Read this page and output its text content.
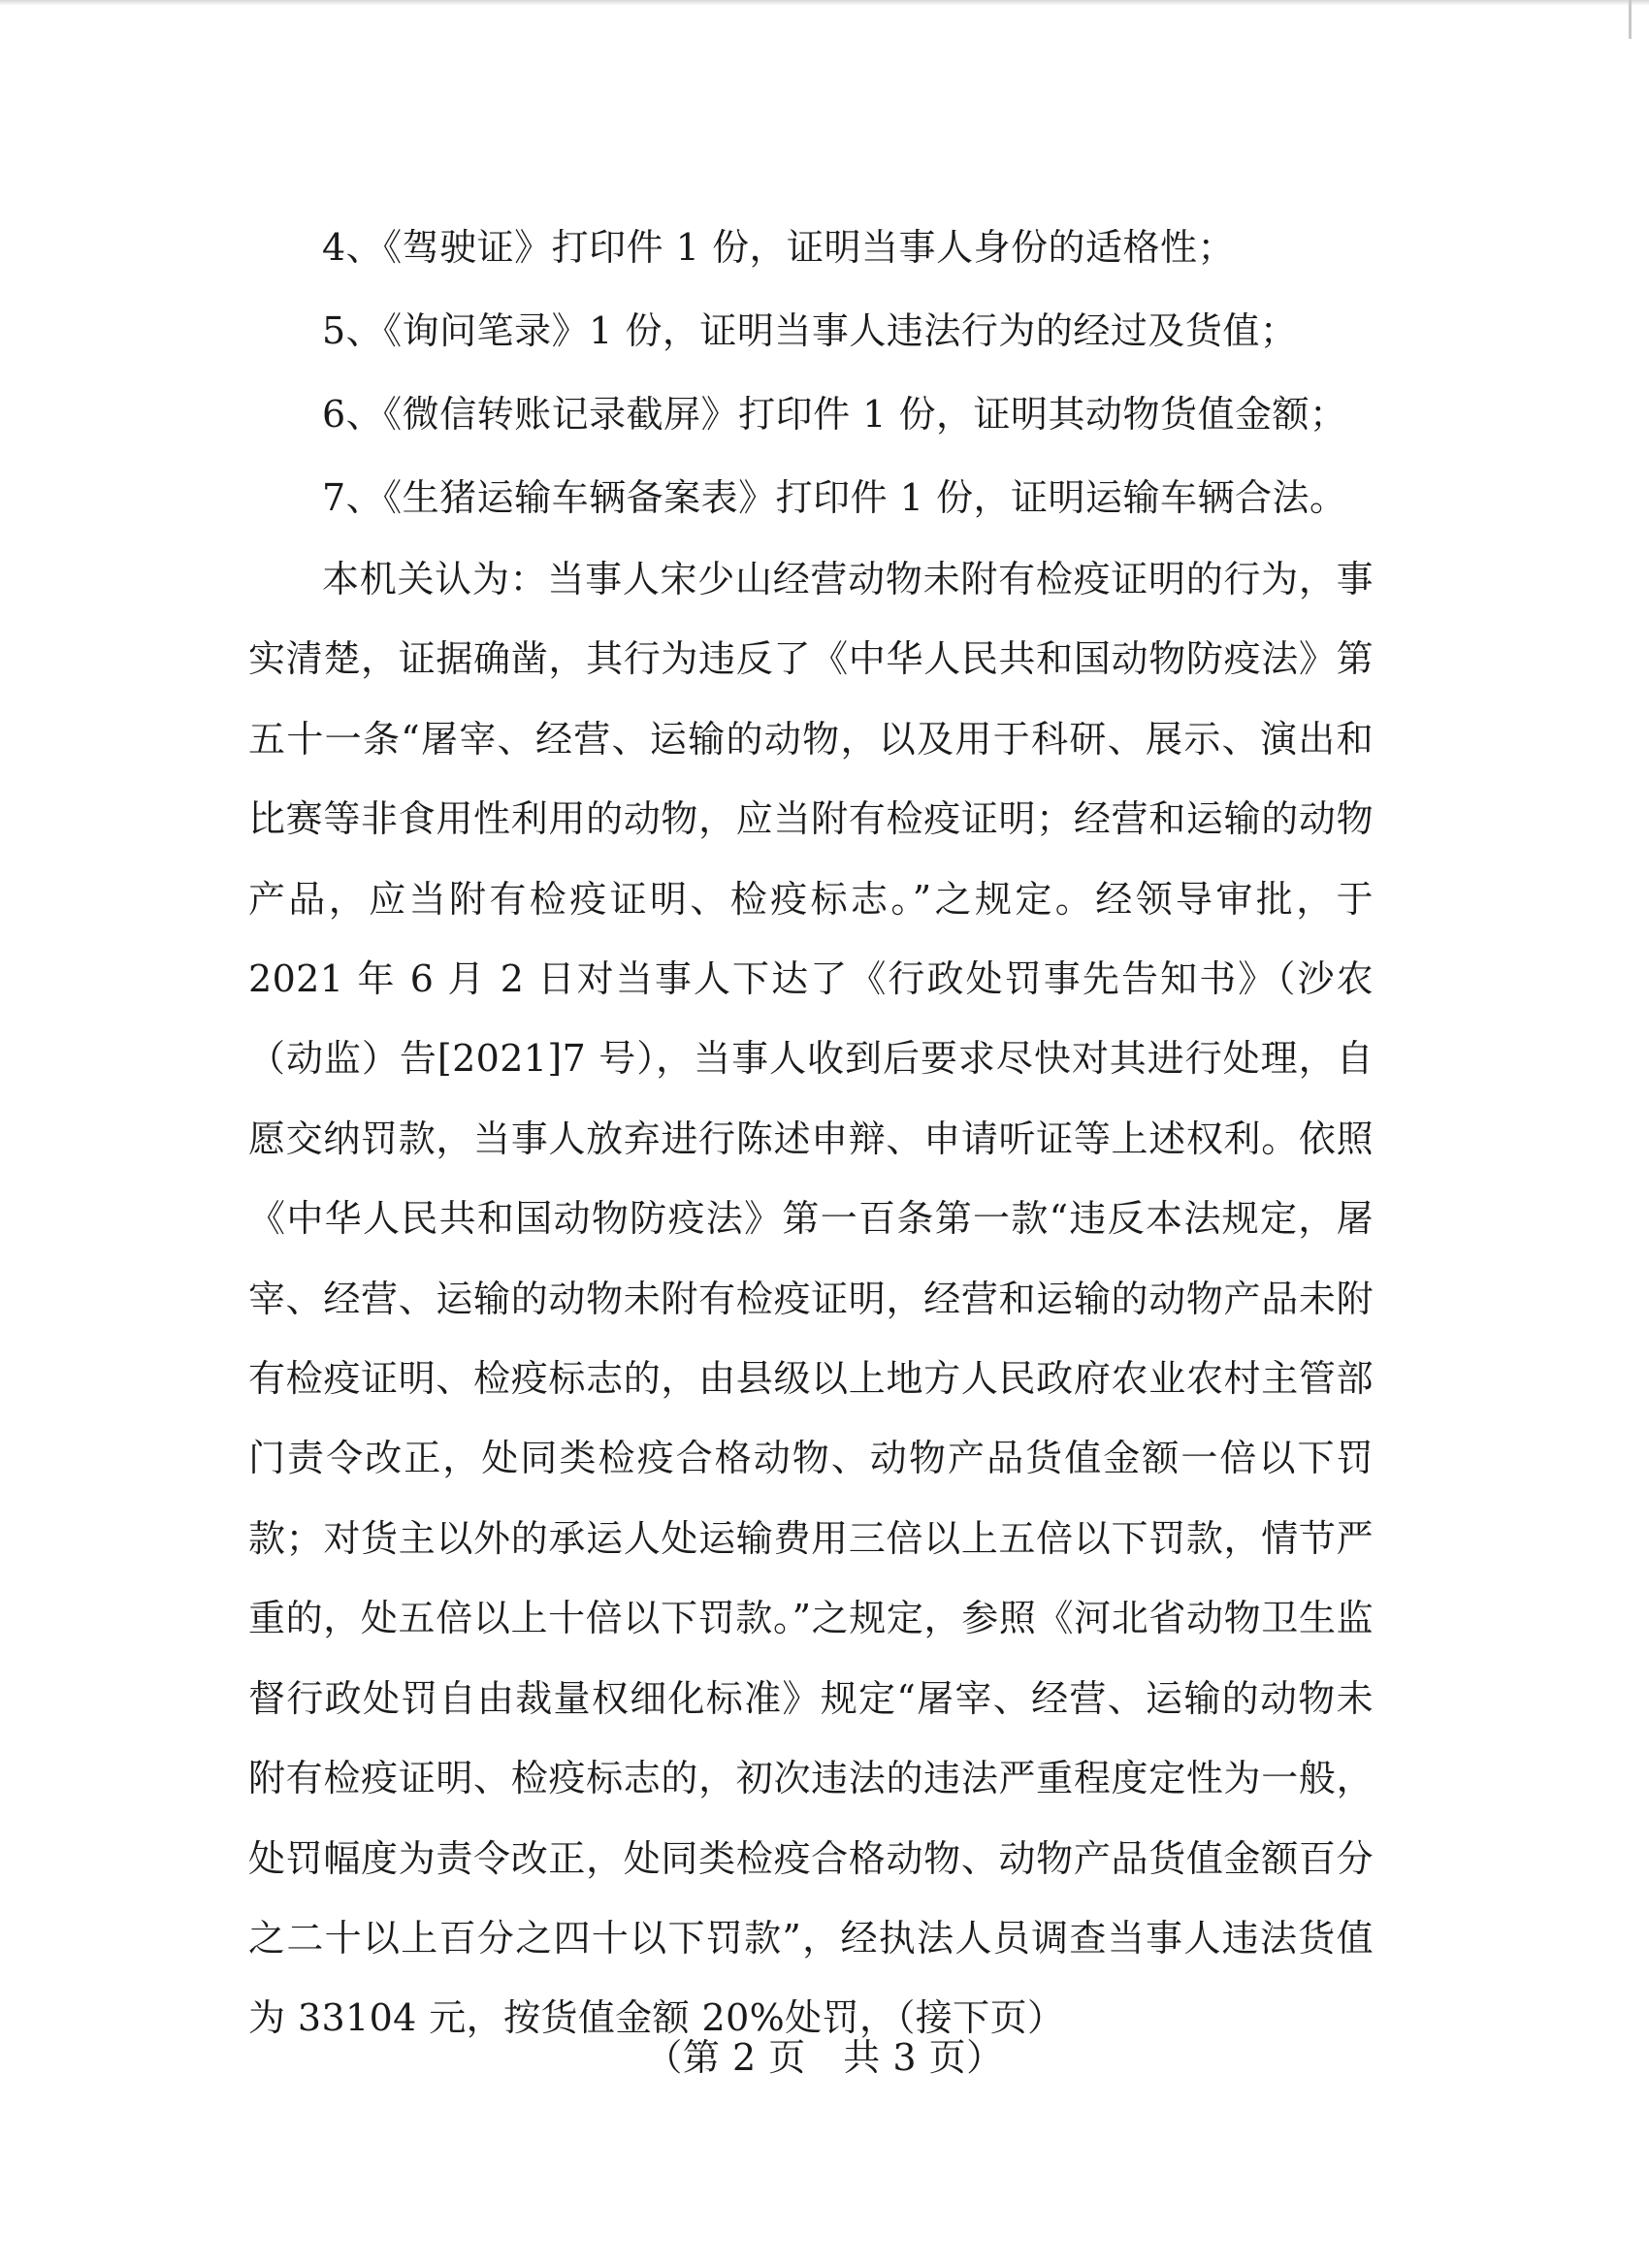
4、《驾驶证》打印件 1 份，证明当事人身份的适格性；
5、《询问笔录》1 份，证明当事人违法行为的经过及货值；
6、《微信转账记录截屏》打印件 1 份，证明其动物货值金额；
7、《生猪运输车辆备案表》打印件 1 份，证明运输车辆合法。

本机关认为：当事人宋少山经营动物未附有检疫证明的行为，事实清楚，证据确凿，其行为违反了《中华人民共和国动物防疫法》第五十一条“屠宰、经营、运输的动物，以及用于科研、展示、演出和比赛等非食用性利用的动物，应当附有检疫证明；经营和运输的动物产品，应当附有检疫证明、检疫标志。”之规定。经领导审批，于 2021 年 6 月 2 日对当事人下达了《行政处罚事先告知书》（沙农（动监）告[2021]7 号），当事人收到后要求尽快对其进行处理，自愿交纳罚款，当事人放弃进行陈述申辩、申请听证等上述权利。依照《中华人民共和国动物防疫法》第一百条第一款“违反本法规定，屠宰、经营、运输的动物未附有检疫证明，经营和运输的动物产品未附有检疫证明、检疫标志的，由县级以上地方人民政府农业农村主管部门责令改正，处同类检疫合格动物、动物产品货值金额一倍以下罚款；对货主以外的承运人处运输费用三倍以上五倍以下罚款，情节严重的，处五倍以上十倍以下罚款。”之规定，参照《河北省动物卫生监督行政处罚自由裁量权细化标准》规定“屠宰、经营、运输的动物未附有检疫证明、检疫标志的，初次违法的违法严重程度定性为一般，处罚幅度为责令改正，处同类检疫合格动物、动物产品货值金额百分之二十以上百分之四十以下罚款”，经执法人员调查当事人违法货值为 33104 元，按货值金额 20%处罚，（接下页）

（第 2 页　共 3 页）
